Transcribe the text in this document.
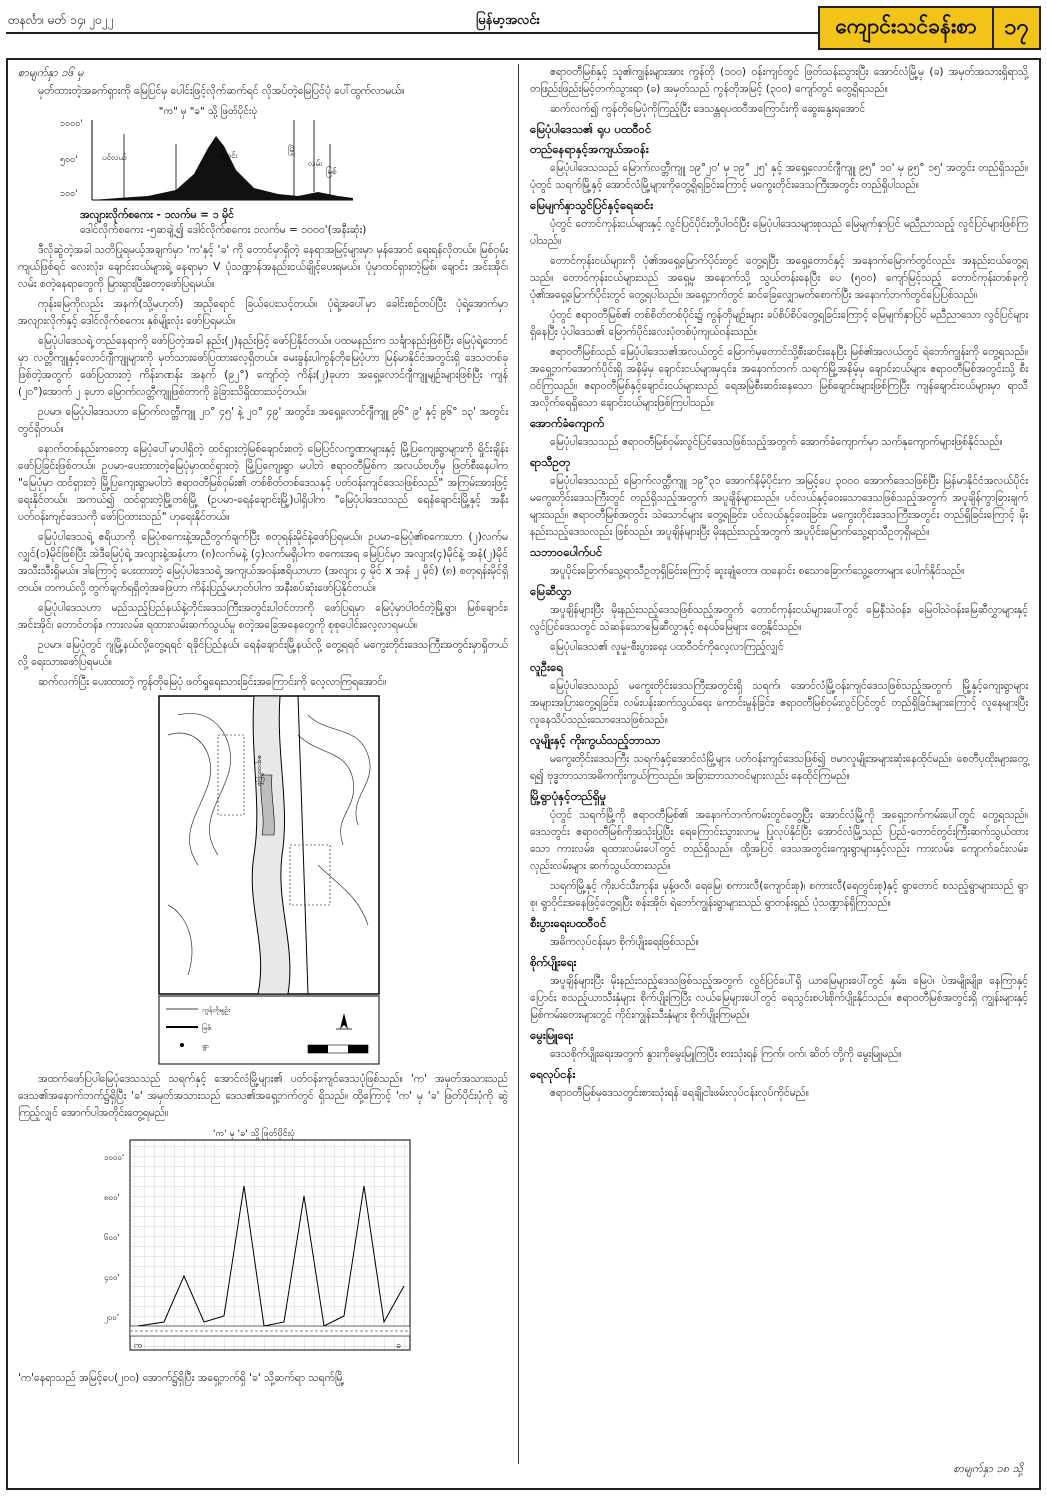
တနင်္လာ၊ မတ် ၁၄၊ ၂၀၂၂	မြန်မာ့အလင်း	ကျောင်းသင်ခန်းစာ	၁၇

စာမျက်နှာ ၁၆ မှ

မှတ်ထားတဲ့အခက်ရှားကို မြေပြင်မှ ပေါင်းဖြင့်လိုက်ဆက်ရင် လိုအပ်တဲ့မြေပြင်ပုံ ပေါ်ထွက်လာမယ်။

"က" မှ "ခ" သို့ ဖြတ်ပိုင်းပုံ
၁၀၀၀'
၅၀၀'
၁၀၀'
ပင်လယ်	ချောင်း
မြို့
လမ်း
မြစ်
အလျားလိုက်စကေး - ၁လက်မ = ၁ မိုင်
ဒေါင်လိုက်စကေး -၅ဆချဲ့၍ ဒေါင်လိုက်စကေး ၁လက်မ = ၁၀၀၀'(အနီးဆုံး)

ဒီလိုဆွဲတဲ့အခါ သတိပြုရမယ့်အချက်မှာ 'က'နှင့် 'ခ' ကို တောင်မှာရှိတဲ့ နေရာအမြင့်များမှာ မှန်အောင် ရေးရန်လိုတယ်။ မြစ်ဝှမ်းကျယ်ဖြစ်ရင် လေးလုံး၊ ချောင်းငယ်များရဲ့ နေရာမှာ V ပုံသဏ္ဍာန်အနည်းငယ်ချိုင့်ပေးရမယ်။ ပုံမှာထင်ရှားတဲ့မြစ်၊ ချောင်း အင်းအိုင်၊ လမ်း စတဲ့နေရာတွေကို မြားရှားပြီးတော့ဖော်ပြရမယ်။

ကုန်းမြေကိုလည်း အနက်(သို့မဟုတ်) အညိုရောင် ခြယ်ပေးသင့်တယ်။ ပုံရဲ့အပေါ်မှာ ခေါင်းစဉ်တပ်ပြီး ပုံရဲ့အောက်မှာ အလျားလိုက်နှင့် ဒေါင်လိုက်စကေး နှစ်မျိုးလုံး ဖော်ပြရမယ်။

မြေပုံပါဒေသရဲ့ တည်နေရာကို ဖော်ပြတဲ့အခါ နည်း(၂)နည်းဖြင့် ဖော်ပြနိုင်တယ်။ ပထမနည်းက သင်္ချာနည်းဖြစ်ပြီး မြေပုံရဲ့ဘောင်မှာ လတ္တီကျူနှင့်လောင်ဂျီကျူများကို မှတ်သားဖော်ပြထားလေ့ရှိတယ်။ မေးခွန်းပါကွန်တိုမြေပုံဟာ မြန်မာနိုင်ငံအတွင်းရှိ ဒေသတစ်ခုဖြစ်တဲ့အတွက် ဖော်ပြထားတဲ့ ကိန်းဂဏန်း အနက် (၉၂°) ကျော်တဲ့ ကိန်း(၂)ခုဟာ အရှေ့လောင်ဂျီကျူမျဉ်းများဖြစ်ပြီး ကျန် (၂၀°)အောက် ၂ ခုဟာ မြောက်လတ္တီကျူဖြစ်တာကို ခွဲခြားသိရှိထားသင့်တယ်။

ဥပမာ၊ မြေပုံပါဒေသဟာ မြောက်လတ္တီကျူ ၂၀° ၄၅' နဲ့ ၂၀° ၄၉' အတွင်း၊ အရှေ့လောင်ဂျီကျူ ၉၆° ၉' နှင့် ၉၆° ၁၃' အတွင်းတွင်ရှိတယ်။

နောက်တစ်နည်းကတော့ မြေပုံပေါ်မှာပါရှိတဲ့ ထင်ရှားတဲ့မြစ်ချောင်းစတဲ့ မြေပြင်လက္ခဏာများနှင့် မြို့ပြကျေးရွာများကို ရှိုင်းချိန်းဖော်ပြခြင်းဖြစ်တယ်။ ဥပမာ-ပေးထားတဲ့မြေပုံမှာထင်ရှားတဲ့ မြို့ပြကျေးရွာ မပါဘဲ ဧရာဝတီမြစ်က အလယ်ဗဟိုမှ ဖြတ်စီးနေပါက "မြေပုံမှာ ထင်ရှားတဲ့ မြို့ပြကျေးရွာမပါဘဲ ဧရာဝတီမြစ်ဝှမ်း၏ တစ်စိတ်တစ်ဒေသနှင့် ပတ်ဝန်းကျင်ဒေသဖြစ်သည်" အကြမ်းအားဖြင့် ရေးနိုင်တယ်။ အကယ်၍ ထင်ရှားတဲ့မြို့တစ်မြို့ (ဥပမာ-ရေနံချောင်းမြို့)ပါရှိပါက "မြေပုံပါဒေသသည် ရေနံချောင်းမြို့နှင့် အနီးပတ်ဝန်းကျင်ဒေသကို ဖော်ပြထားသည်" ဟုရေးနိုင်တယ်။

မြေပုံပါဒေသရဲ့ ဧရိယာကို မြေပုံစကေးနဲ့အညီတွက်ချက်ပြီး စတုရန်းမိုင်နဲ့ဖော်ပြရမယ်။ ဥပမာ-မြေပုံ၏စကေးဟာ (၂)လက်မလျှင်(၁)မိုင်ဖြစ်ပြီး အဲဒီမြေပုံရဲ့ အလျားနဲ့အနံဟာ (၈)လက်မနဲ့ (၄)လက်မရှိပါက စကေးအရ မြေပြင်မှာ အလျား(၄)မိုင်နဲ့ အနံ(၂)မိုင် အသီးသီးရှိမယ်။ ဒါကြောင့် ပေးထားတဲ့ မြေပုံပါဒေသရဲ့ အကျယ်အဝန်းဧရိယာဟာ (အလျား ၄ မိုင် x အနံ ၂ မိုင်) (၈) စတုရန်းမိုင်ရှိတယ်။ တကယ်လို့ တွက်ချက်ရရှိတဲ့အဖြေဟာ ကိန်းပြည့်မဟုတ်ပါက အနီးစပ်ဆုံးဖော်ပြနိုင်တယ်။

မြေပုံပါဒေသဟာ မည်သည့်ပြည်နယ်နဲ့တိုင်းဒေသကြီးအတွင်းပါဝင်တာကို ဖော်ပြရမှာ မြေပုံမှာပါဝင်တဲ့မြို့ရွာ၊ မြစ်ချောင်း၊ အင်းအိုင်၊ တောင်တန်း၊ ကားလမ်း၊ ရထားလမ်းဆက်သွယ်မှု စတဲ့အခြေအနေတွေကို စုစုပေါင်းလေ့လာရမယ်။

ဥပမာ၊ မြေပုံတွင် ဂျမြို့နယ်လို့တွေ့ရရင် ရခိုင်ပြည်နယ်၊ ရေနံချောင်းမြို့နယ်လို့ တွေ့ရရင် မကွေးတိုင်းဒေသကြီးအတွင်းမှာရှိတယ်လို့ ရေးသားဖော်ပြရမယ်။

ဆက်လက်ပြီး ပေးထားတဲ့ ကွန်တိုမြေပုံ ဖတ်ရှုရေးသားခြင်းအကြောင်းကို လေ့လာကြရအောင်။

ဧရာဝတီမြစ်
ကွန်တိုမျဉ်း
မြစ်
ရွာ

အထက်ဖော်ပြပါမြေပုံဒေသသည် သရက်နှင့် အောင်လံမြို့များ၏ ပတ်ဝန်းကျင်ဒေသပုံဖြစ်သည်။ 'က' အမှတ်အသားသည် ဒေသ၏အနောက်ဘက်၌ရှိပြီး 'ခ' အမှတ်အသားသည် ဒေသ၏အရှေ့ဘက်တွင် ရှိသည်။ ထို့ကြောင့် 'က' မှ 'ခ' ဖြတ်ပိုင်းပုံကို ဆွဲကြည့်လျှင် အောက်ပါအတိုင်းတွေ့ရမည်။

'က' မှ 'ခ' သို့ ဖြတ်ပိုင်းပုံ
၁၀၀၀'
၈၀၀'
၆၀၀'
၄၀၀'
၂၀၀'
က	ခ

'က'နေရာသည် အမြင့်ပေ(၂၀၀) အောက်၌ရှိပြီး အရှေ့ဘက်ရှိ 'ခ' သို့ဆက်ရာ သရက်မြို့

ဧရာဝတီမြစ်နှင့် သူ၏ကျွန်းများအား ကွန်တို (၁၀၀) ဝန်းကျင်တွင် ဖြတ်သန်းသွားပြီး အောင်လံမြို့မှ (ခ) အမှတ်အသားရှိရာသို့ တဖြည်းဖြည်းမြင့်တက်သွားရာ (ခ) အမှတ်သည် ကွန်တိုအမြင့် (၃၀၀) ကျော်တွင် တွေ့ရှိရသည်။

ဆက်လက်၍ ကွန်တိုမြေပုံကိုကြည့်ပြီး ဒေသန္တရပထဝီအကြောင်းကို ဆွေးနွေးရအောင်

မြေပုံပါဒေသ၏ ရုပ ပထဝီဝင်

တည်နေရာနှင့်အကျယ်အဝန်း

မြေပုံပါဒေသသည် မြောက်လတ္တီကျူ ၁၉°၂၀' မှ ၁၉° ၂၅' နှင့် အရှေ့လောင်ဂျီကျူ ၉၅° ၁၀' မှ ၉၅° ၁၅' အတွင်း တည်ရှိသည်။ ပုံတွင် သရက်မြို့နှင့် အောင်လံမြို့များကိုတွေ့ရှိရခြင်းကြောင့် မကွေးတိုင်းဒေသကြီးအတွင်း တည်ရှိပါသည်။

မြေမျက်နှာသွင်ပြင်နှင့်ရေဆင်း

ပုံတွင် တောင်ကုန်းငယ်များနှင့် လွင်ပြင်ပိုင်းတို့ပါဝင်ပြီး မြေပုံပါဒေသများစုသည် မြေမျက်နှာပြင် မညီညာသည့် လွင်ပြင်များဖြစ်ကြပါသည်။

တောင်ကုန်းငယ်များကို ပုံ၏အရှေ့မြောက်ပိုင်းတွင် တွေ့ရပြီး အရှေ့တောင်နှင့် အနောက်မြောက်တွင်လည်း အနည်းငယ်တွေ့ရသည်။ တောင်ကုန်းငယ်များသည် အရှေ့မှ အနောက်သို့ သွယ်တန်းနေပြီး ပေ (၅၀၀) ကျော်မြင့်သည့် တောင်ကုန်းတစ်ခုကို ပုံ၏အရှေ့မြောက်ပိုင်းတွင် တွေ့ရပါသည်။ အရှေ့ဘက်တွင် ဆင်ခြေလျှောမတ်စောက်ပြီး အနောက်ဘက်တွင်ပြေပြစ်သည်။

ပုံတွင် ဧရာဝတီမြစ်၏ တစ်စိတ်တစ်ပိုင်း၌ ကွန်တိုမျဉ်းများ ခပ်စိပ်စိပ်တွေ့ရခြင်းကြောင့် မြေမျက်နှာပြင် မညီညာသော လွင်ပြင်များရှိနေပြီး ပုံပါဒေသ၏ မြောက်ပိုင်းလေးပုံတစ်ပုံကျယ်ဝန်းသည်။

ဧရာဝတီမြစ်သည် မြေပုံပါဒေသ၏အလယ်တွင် မြောက်မှတောင်သို့စီးဆင်းနေပြီး မြစ်၏အလယ်တွင် ရဲဘော်ကျွန်းကို တွေ့ရသည်။ အရှေ့ဘက်အောက်ပိုင်းရှိ အနိမ့်မှ ချောင်းငယ်များမှ၎င်း၊ အနောက်ဘက် သရက်မြို့အနိမ့်မှ ချောင်းငယ်များ ဧရာဝတီမြစ်အတွင်းသို့ စီးဝင်ကြသည်။ ဧရာဝတီမြစ်နှင့်ချောင်းငယ်များသည် ရေအမြဲစီးဆင်းနေသော မြစ်ချောင်းများဖြစ်ကြပြီး ကျန်ချောင်းငယ်များမှာ ရာသီအလိုက်ရေရှိသော ချောင်းငယ်များဖြစ်ကြပါသည်။

အောက်ခံကျောက်

မြေပုံပါဒေသသည် ဧရာဝတီမြစ်ဝှမ်းလွင်ပြင်ဒေသဖြစ်သည့်အတွက် အောက်ခံကျောက်မှာ သက်နုကျောက်များဖြစ်နိုင်သည်။

ရာသီဥတု

မြေပုံပါဒေသသည် မြောက်လတ္တီကျူ ၁၉°၃၁ အောက်နိမ့်ပိုင်းက အမြင့်ပေ ၃၀၀၀ အောက်ဒေသဖြစ်ပြီး မြန်မာနိုင်ငံအလယ်ပိုင်း မကွေးတိုင်းဒေသကြီးတွင် တည်ရှိသည့်အတွက် အပူချိန်များသည်။ ပင်လယ်နှင့်ဝေးသောဒေသဖြစ်သည့်အတွက် အပူချိန်ကွာခြားချက်များသည်။ ဧရာဝတီမြစ်အတွင်း သဲသောင်များ တွေ့ရခြင်း၊ ပင်လယ်နှင့်ဝေးခြင်း၊ မကွေးတိုင်းဒေသကြီးအတွင်း တည်ရှိခြင်းကြောင့် မိုးနည်းသည့်ဒေသလည်း ဖြစ်သည်။ အပူချိန်များပြီး မိုးနည်းသည့်အတွက် အပူပိုင်းမြောက်သွေ့ရာသီဥတုရှိမည်။

သဘာဝပေါက်ပင်

အပူပိုင်းခြောက်သွေ့ရာသီဥတုရှိခြင်းကြောင့် ဆူးချုံတော၊ ထနောင်း စသောခြောက်သွေ့တောများ ပေါက်နိုင်သည်။

မြေဆီလွှာ

အပူချိန်များပြီး မိုးနည်းသည့်ဒေသဖြစ်သည့်အတွက် တောင်ကုန်းငယ်များပေါ်တွင် မြေနီသဲဝန်း၊ မြေဝါသဲဝန်းမြေဆီလွှာများနှင့် လွင်ပြင်ဒေသတွင် သဲဆန်သောမြေဆီလွှာနှင့် စနယ်မြေများ တွေ့နိုင်သည်။

မြေပုံပါဒေသ၏ လူမှု-စီးပွားရေး ပထဝီဝင်ကိုလေ့လာကြည့်လျှင်

လူဦးရေ

မြေပုံပါဒေသသည် မကွေးတိုင်းဒေသကြီးအတွင်းရှိ သရက်၊ အောင်လံမြို့ဝန်းကျင်ဒေသဖြစ်သည့်အတွက် မြို့နှင့်ကျေးရွာများ အများအပြားတွေ့ရခြင်း၊ လမ်းပန်းဆက်သွယ်ရေး ကောင်းမွန်ခြင်း၊ ဧရာဝတီမြစ်ဝှမ်းလွင်ပြင်တွင် တည်ရှိခြင်းများကြောင့် လူနေများပြီး လူနေသိပ်သည်းသောဒေသဖြစ်သည်။

လူမျိုးနှင့် ကိုးကွယ်သည့်ဘာသာ

မကွေးတိုင်းဒေသကြီး သရက်နှင့်အောင်လံမြို့များ ပတ်ဝန်းကျင်ဒေသဖြစ်၍ ဗမာလူမျိုးအများဆုံးနေထိုင်မည်။ စေတီပုထိုးများတွေ့ရ၍ ဗုဒ္ဓဘာသာအဓိကကိုးကွယ်ကြသည်။ အခြားဘာသာဝင်များလည်း နေထိုင်ကြမည်။

မြို့ရွာပုံနှင့်တည်ရှိမှု

ပုံတွင် သရက်မြို့ကို ဧရာဝတီမြစ်၏ အနောက်ဘက်ကမ်းတွင်တွေ့ပြီး အောင်လံမြို့ကို အရှေ့ဘက်ကမ်းပေါ်တွင် တွေ့ရသည်။ ဒေသတွင်း ဧရာဝတီမြစ်ကိုအသုံးပြုပြီး ရေကြောင်းသွားလာမှု ပြုလုပ်နိုင်ပြီး အောင်လံမြို့သည် ပြည်-တောင်တွင်းကြီးဆက်သွယ်ထားသော ကားလမ်း၊ ရထားလမ်းပေါ်တွင် တည်ရှိသည်။ ထို့အပြင် ဒေသအတွင်းကျေးရွာများနှင့်လည်း ကားလမ်း၊ ကျောက်ခင်းလမ်း၊ လှည်းလမ်းများ ဆက်သွယ်ထားသည်။

သရက်မြို့နှင့် ကိုးပင်သီးကုန်း၊ မုန့်ဖလီ၊ ရေမြေ၊ စကားလီ(ကျောင်းစု)၊ စကားလီ(ရေတွင်းစု)နှင့် ရွာတောင် စသည့်ရွာများသည် ရွာစု၊ ရွာဝိုင်းအနေဖြင့်တွေ့ရပြီး စန်းအိုင်၊ ရဲဘော်ကျွန်းရွာများသည် ရွာတန်းရှည် ပုံသဏ္ဍာန်ရှိကြသည်။

စီးပွားရေးပထဝီဝင်

အဓိကလုပ်ငန်းမှာ စိုက်ပျိုးရေးဖြစ်သည်။

စိုက်ပျိုးရေး

အပူချိန်များပြီး မိုးနည်းသည့်ဒေသဖြစ်သည့်အတွက် လွင်ပြင်ပေါ်ရှိ ယာမြေများပေါ်တွင် နှမ်း၊ မြေပဲ၊ ပဲအမျိုးမျိုး၊ နေကြာနှင့်ပြောင်း စသည့်ယာသီးနှံများ စိုက်ပျိုးကြပြီး လယ်မြေများပေါ်တွင် ရေသွင်းစပါးစိုက်ပျိုးနိုင်သည်။ ဧရာဝတီမြစ်အတွင်းရှိ ကျွန်းများနှင့် မြစ်ကမ်းတေးများတွင် ကိုင်းကျွန်းသီးနှံများ စိုက်ပျိုးကြမည်။

မွေးမြူရေး

ဒေသစိုက်ပျိုးရေးအတွက် နွားကိုမွေးမြူကြပြီး စားသုံးရန် ကြက်၊ ဝက်၊ ဆိတ် တို့ကို မွေးမြူမည်။

ရေလုပ်ငန်း

ဧရာဝတီမြစ်မှဒေသတွင်းစားသုံးရန် ရေချိုငါးဖမ်းလုပ်ငန်းလုပ်ကိုင်မည်။

စာမျက်နှာ ၁၈ သို့
